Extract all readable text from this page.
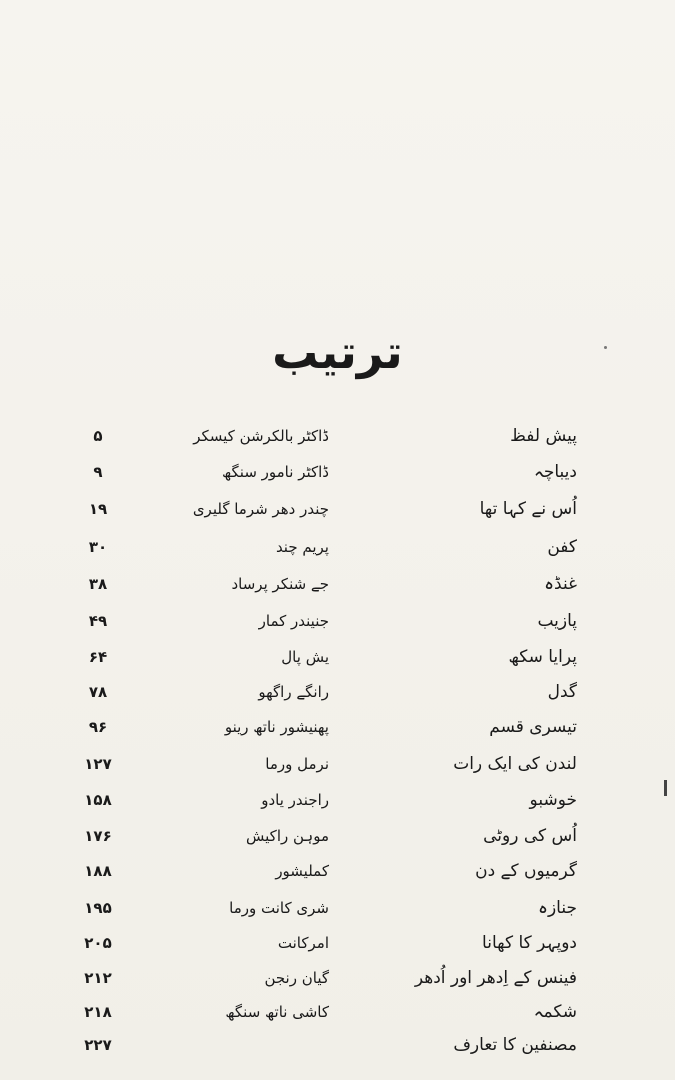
ترتیب
پیش لفظ
ڈاکٹر بالکرشن کیسکر
۵
دیباچہ
ڈاکٹر نامور سنگھ
۹
اُس نے کہا تھا
چندر دھر شرما گلیری
۱۹
کفن
پریم چند
۳۰
غنڈہ
جے شنکر پرساد
۳۸
پازیب
جنیندر کمار
۴۹
پرایا سکھ
یش پال
۶۴
گدل
رانگے راگھو
۷۸
تیسری قسم
پھنیشور ناتھ رینو
۹۶
لندن کی ایک رات
نرمل ورما
۱۲۷
خوشبو
راجندر یادو
۱۵۸
اُس کی روٹی
موہن راکیش
۱۷۶
گرمیوں کے دن
کملیشور
۱۸۸
جنازہ
شری کانت ورما
۱۹۵
دوپہر کا کھانا
امرکانت
۲۰۵
فینس کے اِدھر اور اُدھر
گیان رنجن
۲۱۲
شکمہ
کاشی ناتھ سنگھ
۲۱۸
مصنفین کا تعارف
۲۲۷
